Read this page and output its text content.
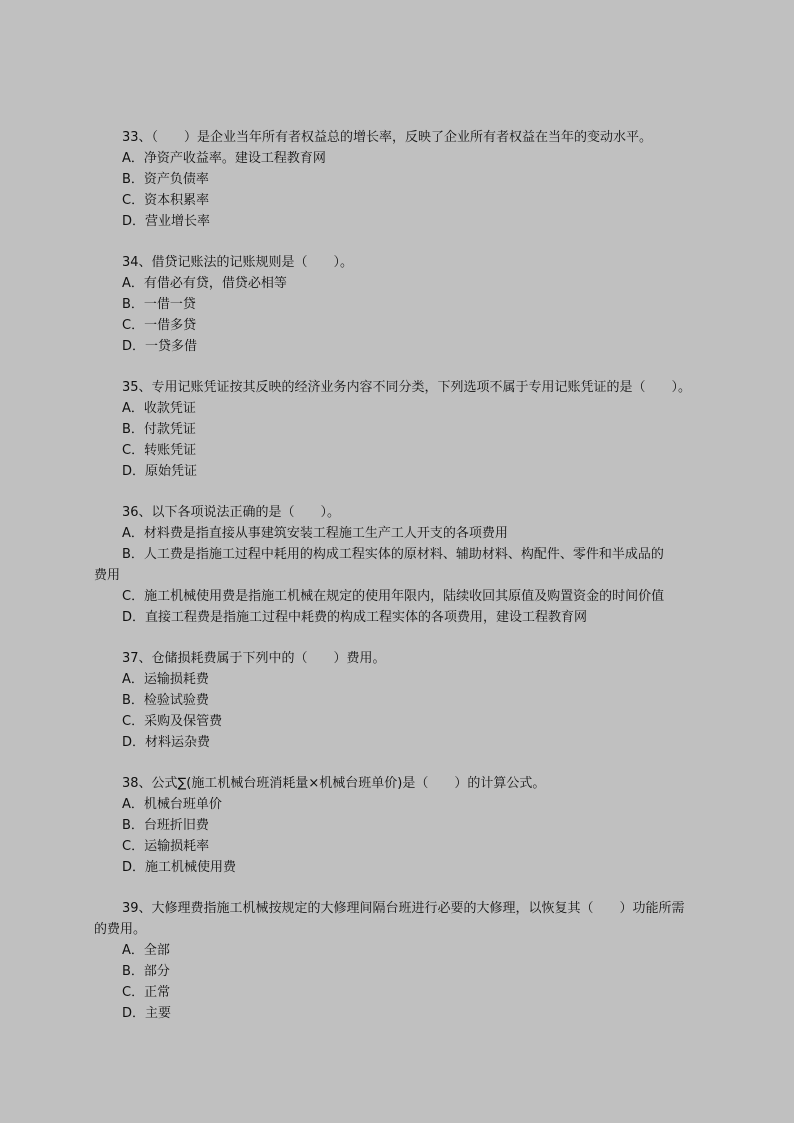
33、（　　）是企业当年所有者权益总的增长率，反映了企业所有者权益在当年的变动水平。
A．净资产收益率。建设工程教育网
B．资产负债率
C．资本积累率
D．营业增长率
34、借贷记账法的记账规则是（　　）。
A．有借必有贷，借贷必相等
B．一借一贷
C．一借多贷
D．一贷多借
35、专用记账凭证按其反映的经济业务内容不同分类，下列选项不属于专用记账凭证的是（　　）。
A．收款凭证
B．付款凭证
C．转账凭证
D．原始凭证
36、以下各项说法正确的是（　　）。
A．材料费是指直接从事建筑安装工程施工生产工人开支的各项费用
B．人工费是指施工过程中耗用的构成工程实体的原材料、辅助材料、构配件、零件和半成品的
费用
C．施工机械使用费是指施工机械在规定的使用年限内，陆续收回其原值及购置资金的时间价值
D．直接工程费是指施工过程中耗费的构成工程实体的各项费用，建设工程教育网
37、仓储损耗费属于下列中的（　　）费用。
A．运输损耗费
B．检验试验费
C．采购及保管费
D．材料运杂费
38、公式∑(施工机械台班消耗量×机械台班单价)是（　　）的计算公式。
A．机械台班单价
B．台班折旧费
C．运输损耗率
D．施工机械使用费
39、大修理费指施工机械按规定的大修理间隔台班进行必要的大修理，以恢复其（　　）功能所需
的费用。
A．全部
B．部分
C．正常
D．主要
